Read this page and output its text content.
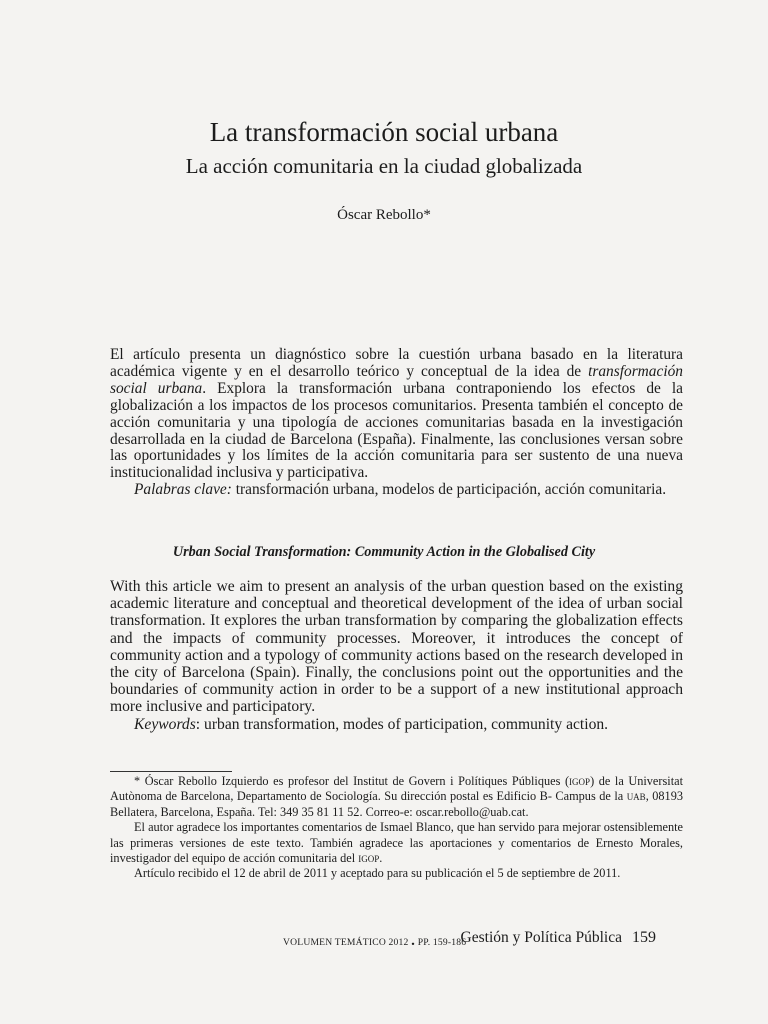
La transformación social urbana
La acción comunitaria en la ciudad globalizada
Óscar Rebollo*

El artículo presenta un diagnóstico sobre la cuestión urbana basado en la literatura académica vigente y en el desarrollo teórico y conceptual de la idea de transformación social urbana. Explora la transformación urbana contraponiendo los efectos de la globalización a los impactos de los procesos comunitarios. Presenta también el concepto de acción comunitaria y una tipología de acciones comunitarias basada en la investigación desarrollada en la ciudad de Barcelona (España). Finalmente, las conclusiones versan sobre las oportunidades y los límites de la acción comunitaria para ser sustento de una nueva institucionalidad inclusiva y participativa.
Palabras clave: transformación urbana, modelos de participación, acción comunitaria.

Urban Social Transformation: Community Action in the Globalised City

With this article we aim to present an analysis of the urban question based on the existing academic literature and conceptual and theoretical development of the idea of urban social transformation. It explores the urban transformation by comparing the globalization effects and the impacts of community processes. Moreover, it introduces the concept of community action and a typology of community actions based on the research developed in the city of Barcelona (Spain). Finally, the conclusions point out the opportunities and the boundaries of community action in order to be a support of a new institutional approach more inclusive and participatory.
Keywords: urban transformation, modes of participation, community action.

* Óscar Rebollo Izquierdo es profesor del Institut de Govern i Polítiques Públiques (igop) de la Universitat Autònoma de Barcelona, Departamento de Sociología. Su dirección postal es Edificio B- Campus de la uab, 08193 Bellatera, Barcelona, España. Tel: 349 35 81 11 52. Correo-e: oscar.rebollo@uab.cat.
El autor agradece los importantes comentarios de Ismael Blanco, que han servido para mejorar ostensiblemente las primeras versiones de este texto. También agradece las aportaciones y comentarios de Ernesto Morales, investigador del equipo de acción comunitaria del igop.
Artículo recibido el 12 de abril de 2011 y aceptado para su publicación el 5 de septiembre de 2011.

VOLUMEN TEMÁTICO 2012 . PP. 159-186
Gestión y Política Pública 159
